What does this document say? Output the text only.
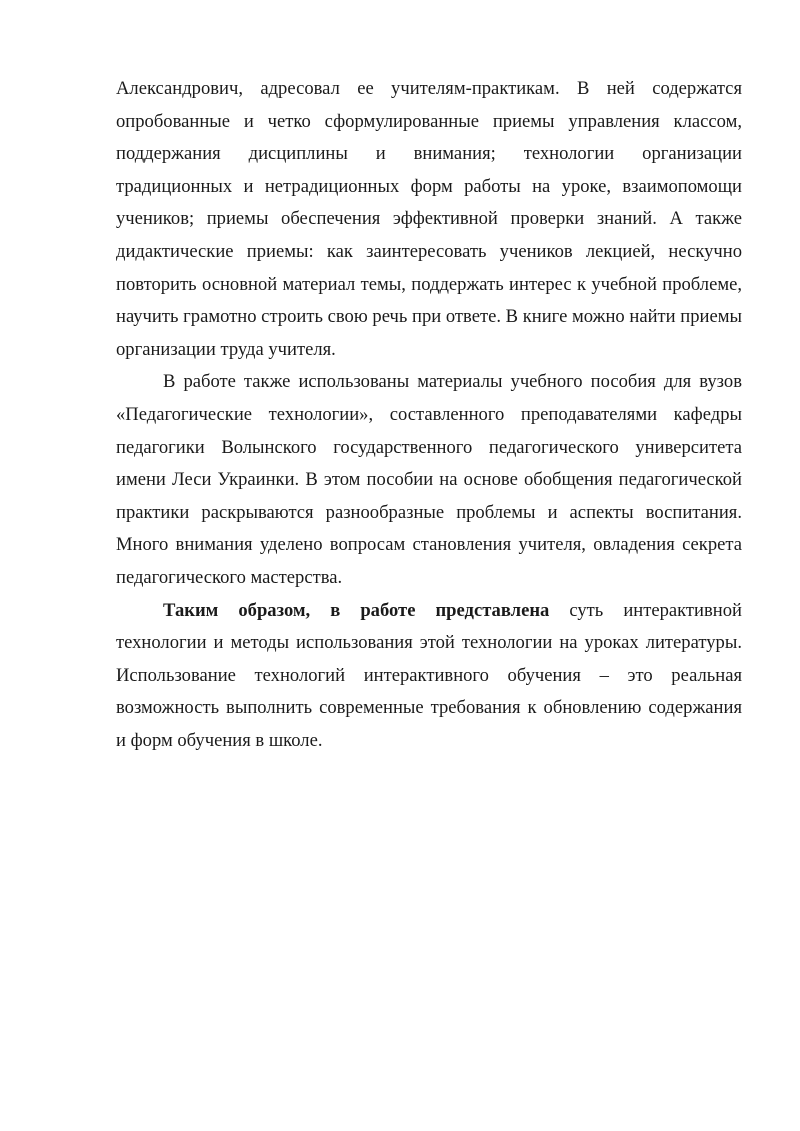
Александрович, адресовал ее учителям-практикам. В ней содержатся опробованные и четко сформулированные приемы управления классом, поддержания дисциплины и внимания; технологии организации традиционных и нетрадиционных форм работы на уроке, взаимопомощи учеников; приемы обеспечения эффективной проверки знаний. А также дидактические приемы: как заинтересовать учеников лекцией, нескучно повторить основной материал темы, поддержать интерес к учебной проблеме, научить грамотно строить свою речь при ответе. В книге можно найти приемы организации труда учителя.

В работе также использованы материалы учебного пособия для вузов «Педагогические технологии», составленного преподавателями кафедры педагогики Волынского государственного педагогического университета имени Леси Украинки. В этом пособии на основе обобщения педагогической практики раскрываются разнообразные проблемы и аспекты воспитания. Много внимания уделено вопросам становления учителя, овладения секрета педагогического мастерства.

Таким образом, в работе представлена суть интерактивной технологии и методы использования этой технологии на уроках литературы. Использование технологий интерактивного обучения – это реальная возможность выполнить современные требования к обновлению содержания и форм обучения в школе.
